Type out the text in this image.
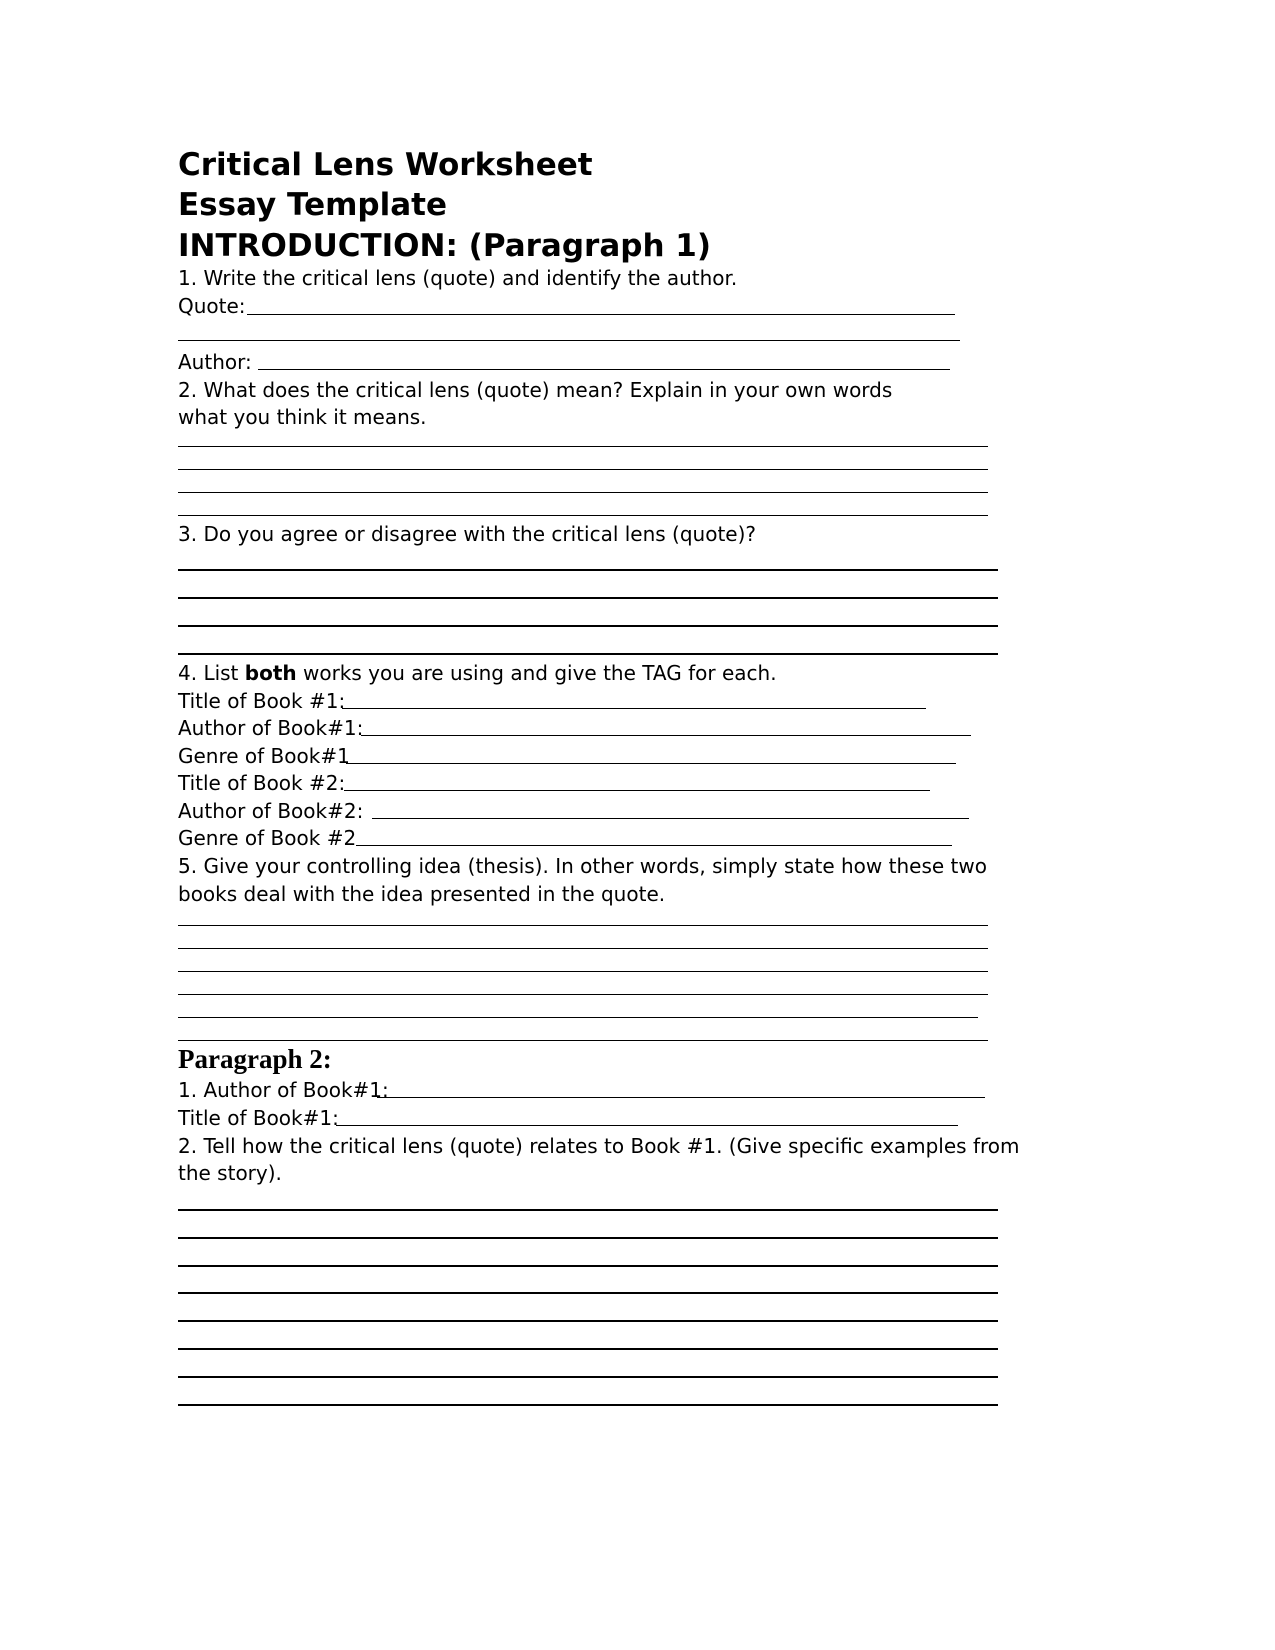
Critical Lens Worksheet
Essay Template
INTRODUCTION: (Paragraph 1)
1. Write the critical lens (quote) and identify the author.
Quote:
Author:
2. What does the critical lens (quote) mean? Explain in your own words
what you think it means.
3. Do you agree or disagree with the critical lens (quote)?
4. List both works you are using and give the TAG for each.
Title of Book #1:
Author of Book#1:
Genre of Book#1
Title of Book #2:
Author of Book#2:
Genre of Book #2
5. Give your controlling idea (thesis). In other words, simply state how these two
books deal with the idea presented in the quote.
Paragraph 2:
1. Author of Book#1:
Title of Book#1:
2. Tell how the critical lens (quote) relates to Book #1. (Give specific examples from
the story).
